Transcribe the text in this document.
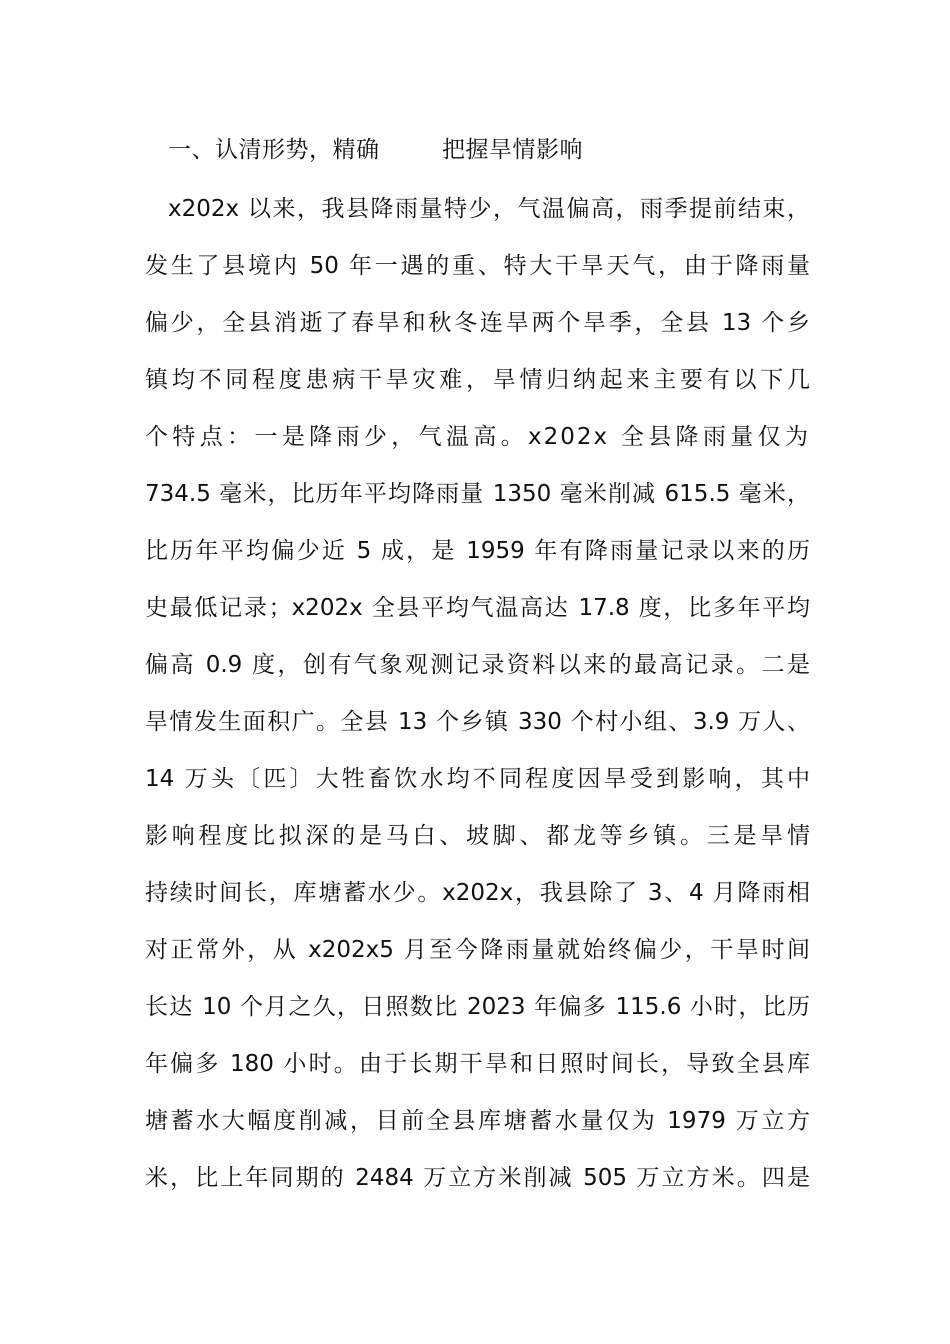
一、认清形势，精确        把握旱情影响
x202x 以来，我县降雨量特少，气温偏高，雨季提前结束，
发生了县境内 50 年一遇的重、特大干旱天气，由于降雨量
偏少，全县消逝了春旱和秋冬连旱两个旱季，全县 13 个乡
镇均不同程度患病干旱灾难，旱情归纳起来主要有以下几
个特点：一是降雨少，气温高。x202x 全县降雨量仅为
734.5 毫米，比历年平均降雨量 1350 毫米削减 615.5 毫米，
比历年平均偏少近 5 成，是 1959 年有降雨量记录以来的历
史最低记录；x202x 全县平均气温高达 17.8 度，比多年平均
偏高 0.9 度，创有气象观测记录资料以来的最高记录。二是
旱情发生面积广。全县 13 个乡镇 330 个村小组、3.9 万人、
14 万头〔匹〕大牲畜饮水均不同程度因旱受到影响，其中
影响程度比拟深的是马白、坡脚、都龙等乡镇。三是旱情
持续时间长，库塘蓄水少。x202x，我县除了 3、4 月降雨相
对正常外，从 x202x5 月至今降雨量就始终偏少，干旱时间
长达 10 个月之久，日照数比 2023 年偏多 115.6 小时，比历
年偏多 180 小时。由于长期干旱和日照时间长，导致全县库
塘蓄水大幅度削减，目前全县库塘蓄水量仅为 1979 万立方
米，比上年同期的 2484 万立方米削减 505 万立方米。四是
